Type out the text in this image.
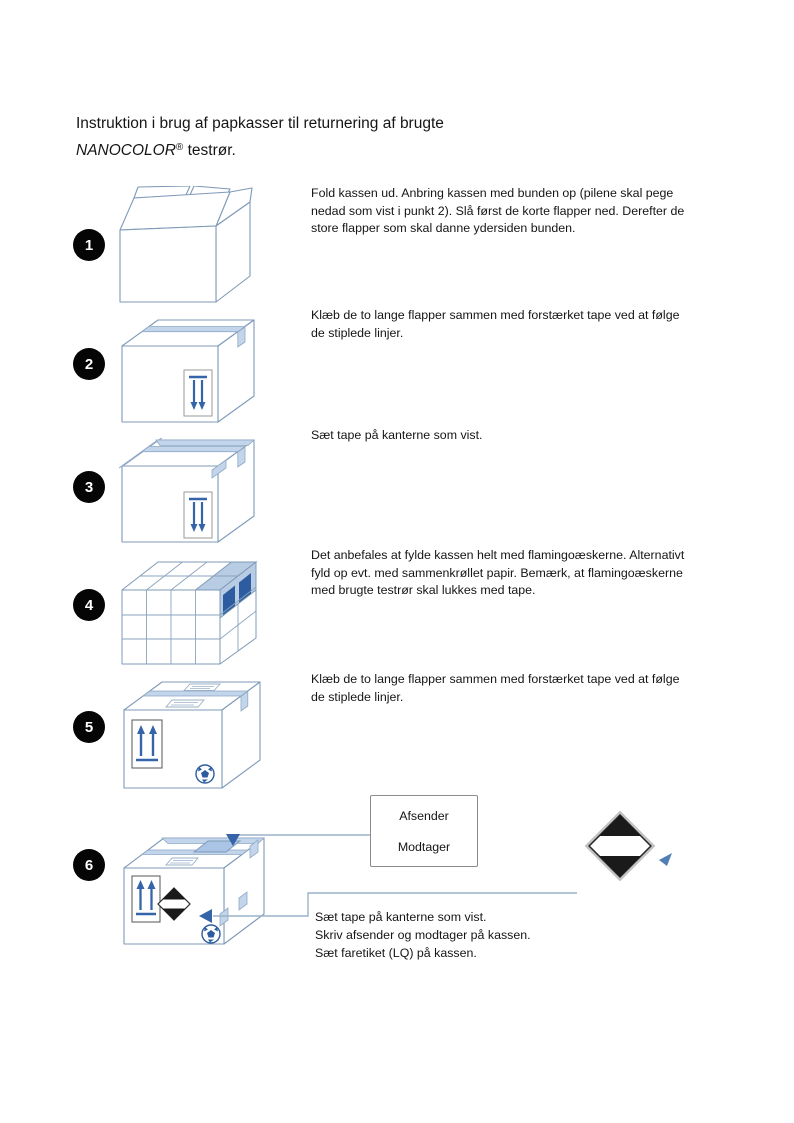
Instruktion i brug af papkasser til returnering af brugte
NANOCOLOR® testrør.
1
2
3
4
5
6
Fold kassen ud. Anbring kassen med bunden op (pilene skal pege nedad som vist i punkt 2). Slå først de korte flapper ned. Derefter de store flapper som skal danne ydersiden bunden.
Klæb de to lange flapper sammen med forstærket tape ved at følge de stiplede linjer.
Sæt tape på kanterne som vist.
Det anbefales at fylde kassen helt med flamingoæskerne. Alternativt fyld op evt. med sammenkrøllet papir. Bemærk, at flamingoæskerne med brugte testrør skal lukkes med tape.
Klæb de to lange flapper sammen med forstærket tape ved at følge de stiplede linjer.
Sæt tape på kanterne som vist.
Skriv afsender og modtager på kassen.
Sæt faretiket (LQ) på kassen.
Afsender
Modtager
